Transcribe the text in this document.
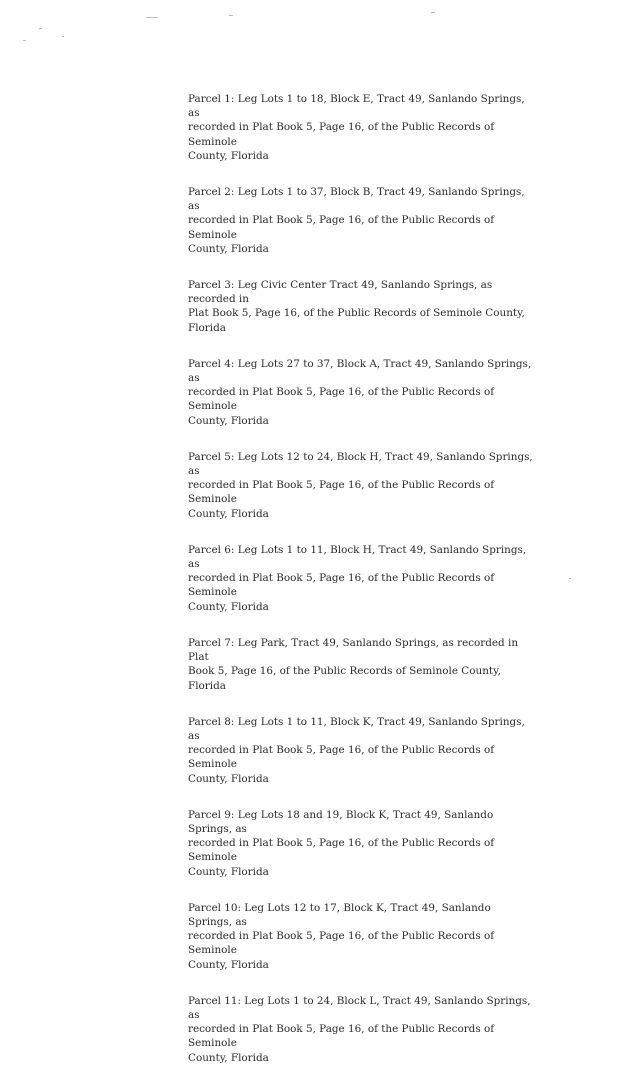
Parcel 1: Leg Lots 1 to 18, Block E, Tract 49, Sanlando Springs, as
recorded in Plat Book 5, Page 16, of the Public Records of Seminole
County, Florida

Parcel 2: Leg Lots 1 to 37, Block B, Tract 49, Sanlando Springs, as
recorded in Plat Book 5, Page 16, of the Public Records of Seminole
County, Florida

Parcel 3: Leg Civic Center Tract 49, Sanlando Springs, as recorded in
Plat Book 5, Page 16, of the Public Records of Seminole County,
Florida

Parcel 4: Leg Lots 27 to 37, Block A, Tract 49, Sanlando Springs, as
recorded in Plat Book 5, Page 16, of the Public Records of Seminole
County, Florida

Parcel 5: Leg Lots 12 to 24, Block H, Tract 49, Sanlando Springs, as
recorded in Plat Book 5, Page 16, of the Public Records of Seminole
County, Florida

Parcel 6: Leg Lots 1 to 11, Block H, Tract 49, Sanlando Springs, as
recorded in Plat Book 5, Page 16, of the Public Records of Seminole
County, Florida

Parcel 7: Leg Park, Tract 49, Sanlando Springs, as recorded in Plat
Book 5, Page 16, of the Public Records of Seminole County, Florida

Parcel 8: Leg Lots 1 to 11, Block K, Tract 49, Sanlando Springs, as
recorded in Plat Book 5, Page 16, of the Public Records of Seminole
County, Florida

Parcel 9: Leg Lots 18 and 19, Block K, Tract 49, Sanlando Springs, as
recorded in Plat Book 5, Page 16, of the Public Records of Seminole
County, Florida

Parcel 10: Leg Lots 12 to 17, Block K, Tract 49, Sanlando Springs, as
recorded in Plat Book 5, Page 16, of the Public Records of Seminole
County, Florida

Parcel 11: Leg Lots 1 to 24, Block L, Tract 49, Sanlando Springs, as
recorded in Plat Book 5, Page 16, of the Public Records of Seminole
County, Florida
